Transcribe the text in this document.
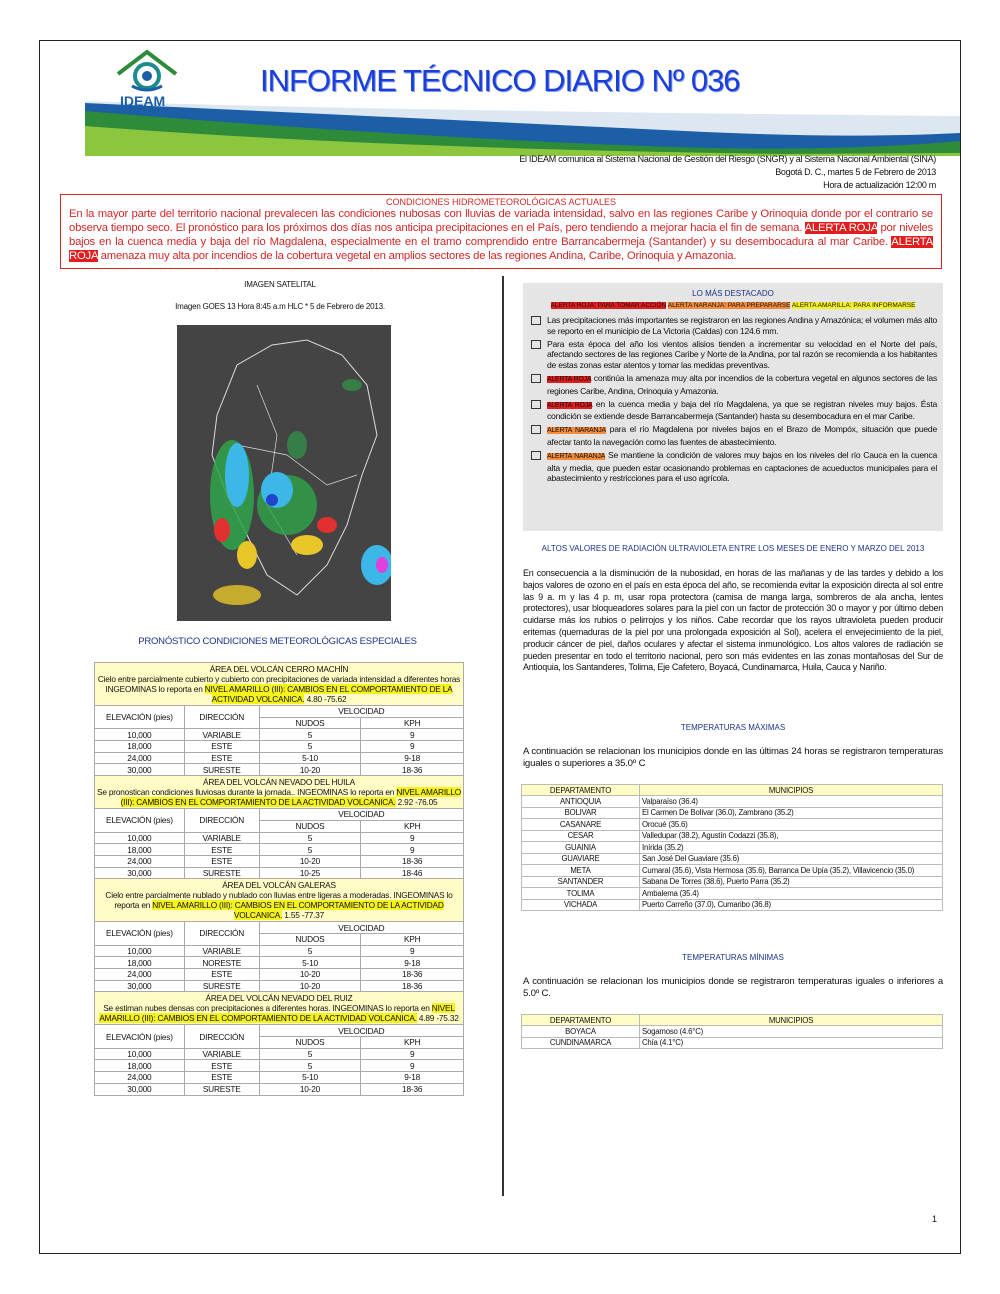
IDEAM
INFORME TÉCNICO DIARIO Nº 036
El IDEAM comunica al Sistema Nacional de Gestión del Riesgo (SNGR) y al Sistema Nacional Ambiental (SINA)
Bogotá D. C., martes 5 de Febrero de 2013
Hora de actualización 12:00 m
CONDICIONES HIDROMETEOROLÓGICAS ACTUALES
En la mayor parte del territorio nacional prevalecen las condiciones nubosas con lluvias de variada intensidad, salvo en las regiones Caribe y Orinoquia donde por el contrario se observa tiempo seco. El pronóstico para los próximos dos días nos anticipa precipitaciones en el País, pero tendiendo a mejorar hacia el fin de semana. ALERTA ROJA por niveles bajos en la cuenca media y baja del río Magdalena, especialmente en el tramo comprendido entre Barrancabermeja (Santander) y su desembocadura al mar Caribe. ALERTA ROJA amenaza muy alta por incendios de la cobertura vegetal en amplios sectores de las regiones Andina, Caribe, Orinoquia y Amazonia.
IMAGEN SATELITAL
Imagen GOES 13 Hora 8:45 a.m HLC * 5 de Febrero de 2013.
PRONÓSTICO CONDICIONES METEOROLÓGICAS ESPECIALES
ÁREA DEL VOLCÁN CERRO MACHÍN
Cielo entre parcialmente cubierto y cubierto con precipitaciones de variada intensidad a diferentes horas INGEOMINAS lo reporta en NIVEL AMARILLO (III): CAMBIOS EN EL COMPORTAMIENTO DE LA ACTIVIDAD VOLCANICA. 4.80 -75.62			

ELEVACIÓN (pies)	DIRECCIÓN	VELOCIDAD	
		NUDOS	KPH
10,000	VARIABLE	5	9
18,000	ESTE	5	9
24,000	ESTE	5-10	9-18
30,000	SURESTE	10-20	18-36

ÁREA DEL VOLCÁN NEVADO DEL HUILA
Se pronostican condiciones lluviosas durante la jornada.. INGEOMINAS lo reporta en NIVEL AMARILLO (III): CAMBIOS EN EL COMPORTAMIENTO DE LA ACTIVIDAD VOLCANICA. 2.92 -76.05			

ELEVACIÓN (pies)	DIRECCIÓN	VELOCIDAD	
		NUDOS	KPH
10,000	VARIABLE	5	9
18,000	ESTE	5	9
24,000	ESTE	10-20	18-36
30,000	SURESTE	10-25	18-46

ÁREA DEL VOLCÁN GALERAS
Cielo entre parcialmente nublado y nublado con lluvias entre ligeras a moderadas. INGEOMINAS lo reporta en NIVEL AMARILLO (III): CAMBIOS EN EL COMPORTAMIENTO DE LA ACTIVIDAD VOLCANICA. 1.55 -77.37			

ELEVACIÓN (pies)	DIRECCIÓN	VELOCIDAD	
		NUDOS	KPH
10,000	VARIABLE	5	9
18,000	NORESTE	5-10	9-18
24,000	ESTE	10-20	18-36
30,000	SURESTE	10-20	18-36

ÁREA DEL VOLCÁN NEVADO DEL RUIZ
Se estiman nubes densas con precipitaciones a diferentes horas. INGEOMINAS lo reporta en NIVEL AMARILLO (III): CAMBIOS EN EL COMPORTAMIENTO DE LA ACTIVIDAD VOLCANICA. 4.89 -75.32			

ELEVACIÓN (pies)	DIRECCIÓN	VELOCIDAD	
		NUDOS	KPH
10,000	VARIABLE	5	9
18,000	ESTE	5	9
24,000	ESTE	5-10	9-18
30,000	SURESTE	10-20	18-36
LO MÁS DESTACADO
ALERTA ROJA: PARA TOMAR ACCIÓN ALERTA NARANJA: PARA PREPARARSE ALERTA AMARILLA: PARA INFORMARSE
Las precipitaciones más importantes se registraron en las regiones Andina y Amazónica; el volumen más alto se reporto en el municipio de La Victoria (Caldas) con 124.6 mm.
Para esta época del año los vientos alisios tienden a incrementar su velocidad en el Norte del país, afectando sectores de las regiones Caribe y Norte de la Andina, por tal razón se recomienda a los habitantes de estas zonas estar atentos y tomar las medidas preventivas.
ALERTA ROJA continúa la amenaza muy alta por incendios de la cobertura vegetal en algunos sectores de las regiones Caribe, Andina, Orinoquia y Amazonia.
ALERTA ROJA en la cuenca media y baja del río Magdalena, ya que se registran niveles muy bajos. Ésta condición se extiende desde Barrancabermeja (Santander) hasta su desembocadura en el mar Caribe.
ALERTA NARANJA para el río Magdalena por niveles bajos en el Brazo de Mompóx, situación que puede afectar tanto la navegación como las fuentes de abastecimiento.
ALERTA NARANJA Se mantiene la condición de valores muy bajos en los niveles del río Cauca en la cuenca alta y media, que pueden estar ocasionando problemas en captaciones de acueductos municipales para el abastecimiento y restricciones para el uso agrícola.
ALTOS VALORES DE RADIACIÓN ULTRAVIOLETA ENTRE LOS MESES DE ENERO Y MARZO DEL 2013
En consecuencia a la disminución de la nubosidad, en horas de las mañanas y de las tardes y debido a los bajos valores de ozono en el país en esta época del año, se recomienda evitar la exposición directa al sol entre las 9 a. m y las 4 p. m, usar ropa protectora (camisa de manga larga, sombreros de ala ancha, lentes protectores), usar bloqueadores solares para la piel con un factor de protección 30 o mayor y por último deben cuidarse más los rubios o pelirrojos y los niños. Cabe recordar que los rayos ultravioleta pueden producir eritemas (quemaduras de la piel por una prolongada exposición al Sol), acelera el envejecimiento de la piel, producir cáncer de piel, daños oculares y afectar el sistema inmunológico. Los altos valores de radiación se pueden presentar en todo el territorio nacional, pero son más evidentes en las zonas montañosas del Sur de Antioquia, los Santanderes, Tolima, Eje Cafetero, Boyacá, Cundinamarca, Huila, Cauca y Nariño.
TEMPERATURAS MÁXIMAS
A continuación se relacionan los municipios donde en las últimas 24 horas se registraron temperaturas iguales o superiores a 35.0º C
DEPARTAMENTO	MUNICIPIOS
ANTIOQUIA	Valparaíso (36.4)
BOLIVAR	El Carmen De Bolívar (36.0), Zambrano (35.2)
CASANARE	Orocué (35.6)
CESAR	Valledupar (38.2), Agustín Codazzi (35.8),
GUAINIA	Inírida (35.2)
GUAVIARE	San José Del Guaviare (35.6)
META	Cumaral (35.6), Vista Hermosa (35.6), Barranca De Upía (35.2), Villavicencio (35.0)
SANTANDER	Sabana De Torres (38.6), Puerto Parra (35.2)
TOLIMA	Ambalema (35.4)
VICHADA	Puerto Carreño (37.0), Cumaribo (36.8)
TEMPERATURAS MÍNIMAS
A continuación se relacionan los municipios donde se registraron temperaturas iguales o inferiores a 5.0º C.
DEPARTAMENTO	MUNICIPIOS
BOYACA	Sogamoso (4.6°C)
CUNDINAMARCA	Chía (4.1°C)
1
